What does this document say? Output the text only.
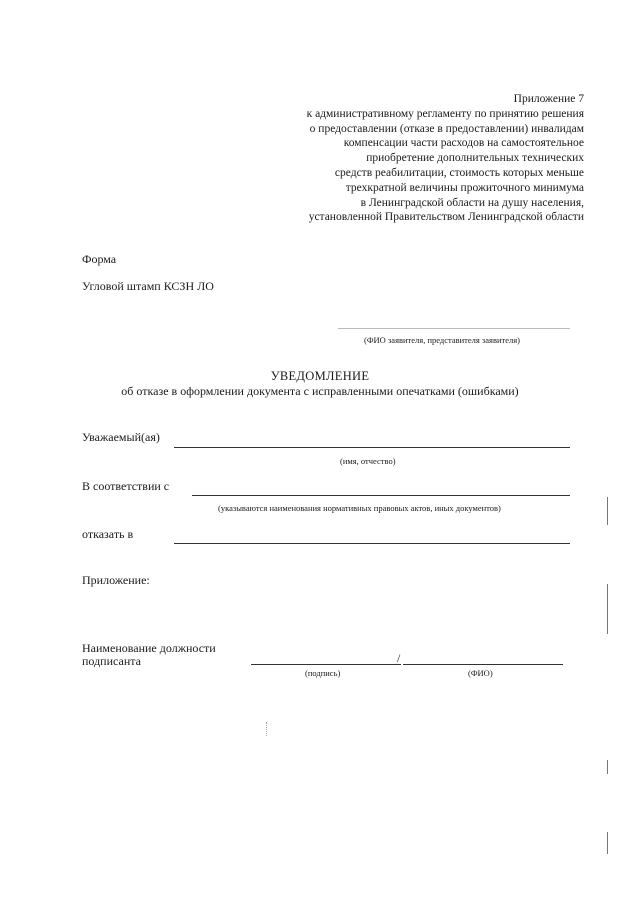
Приложение 7
к административному регламенту по принятию решения
о предоставлении (отказе в предоставлении) инвалидам
компенсации части расходов на самостоятельное
приобретение дополнительных технических
средств реабилитации, стоимость которых меньше
трехкратной величины прожиточного минимума
в Ленинградской области на душу населения,
установленной Правительством Ленинградской области
Форма
Угловой штамп КСЗН ЛО
(ФИО заявителя, представителя заявителя)
УВЕДОМЛЕНИЕ
об отказе в оформлении документа с исправленными опечатками (ошибками)
Уважаемый(ая)
(имя, отчество)
В соответствии с
(указываются наименования нормативных правовых актов, иных документов)
отказать в
Приложение:
Наименование должности
подписанта	/
(подпись)	(ФИО)
